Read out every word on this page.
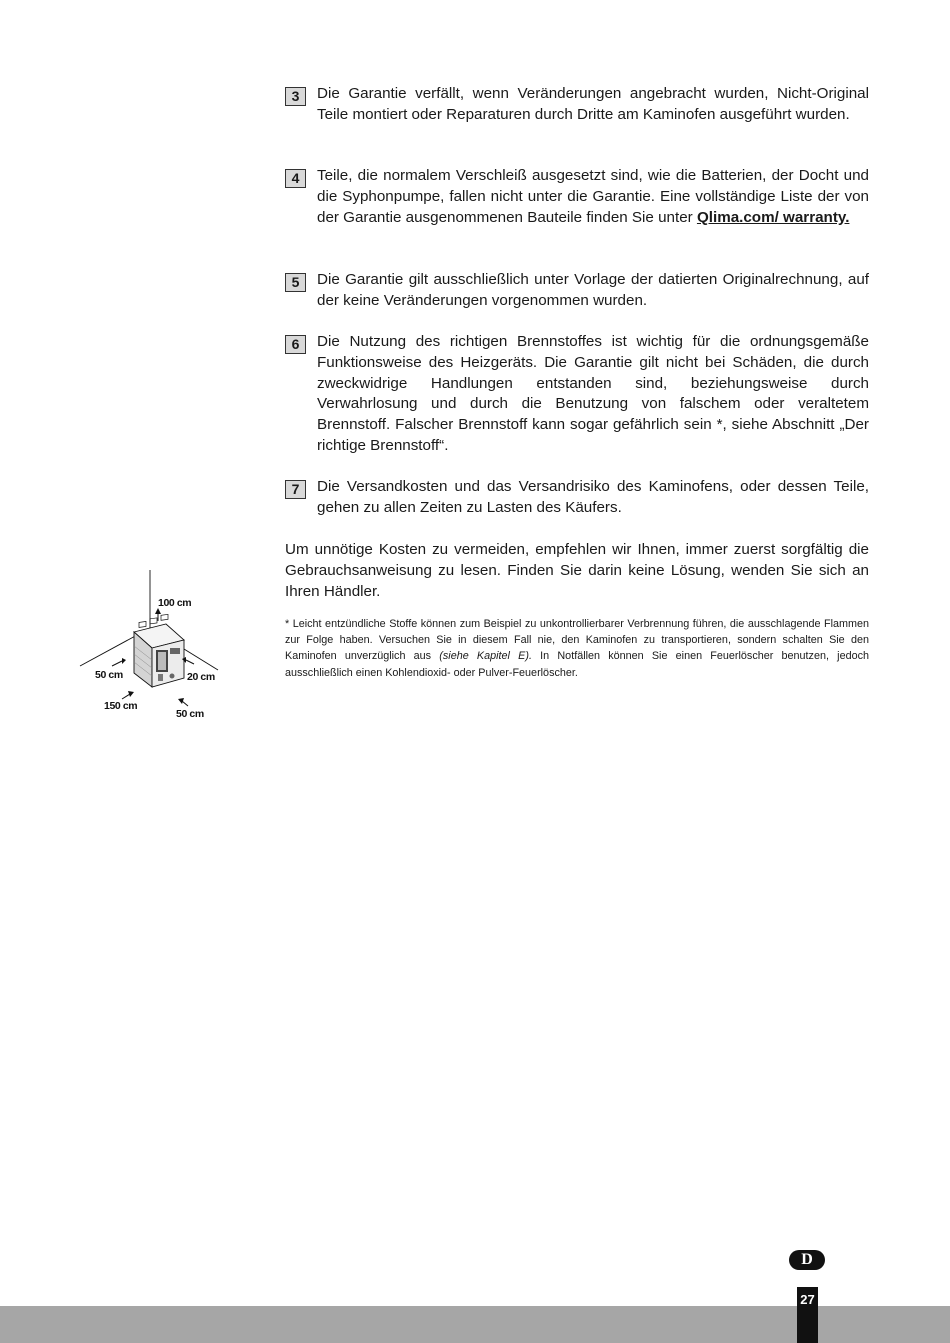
3	Die Garantie verfällt, wenn Veränderungen angebracht wurden, Nicht-Original Teile montiert oder Reparaturen durch Dritte am Kaminofen ausgeführt wurden.
4	Teile, die normalem Verschleiß ausgesetzt sind, wie die Batterien, der Docht und die Syphonpumpe, fallen nicht unter die Garantie. Eine vollständige Liste der von der Garantie ausgenommenen Bauteile finden Sie unter Qlima.com/ warranty.
5	Die Garantie gilt ausschließlich unter Vorlage der datierten Originalrechnung, auf der keine Veränderungen vorgenommen wurden.
6	Die Nutzung des richtigen Brennstoffes ist wichtig für die ordnungsgemäße Funktionsweise des Heizgeräts. Die Garantie gilt nicht bei Schäden, die durch zweckwidrige Handlungen entstanden sind, beziehungsweise durch Verwahrlosung und durch die Benutzung von falschem oder veraltetem Brennstoff. Falscher Brennstoff kann sogar gefährlich sein *, siehe Abschnitt „Der richtige Brennstoff“.
7	Die Versandkosten und das Versandrisiko des Kaminofens, oder dessen Teile, gehen zu allen Zeiten zu Lasten des Käufers.
Um unnötige Kosten zu vermeiden, empfehlen wir Ihnen, immer zuerst sorgfältig die Gebrauchsanweisung zu lesen. Finden Sie darin keine Lösung, wenden Sie sich an Ihren Händler.
* Leicht entzündliche Stoffe können zum Beispiel zu unkontrollierbarer Verbrennung führen, die ausschlagende Flammen zur Folge haben. Versuchen Sie in diesem Fall nie, den Kaminofen zu transportieren, sondern schalten Sie den Kaminofen unverzüglich aus (siehe Kapitel E). In Notfällen können Sie einen Feuerlöscher benutzen, jedoch ausschließlich einen Kohlendioxid- oder Pulver-Feuerlöscher.
100 cm
50 cm	20 cm
150 cm
50 cm
D
27
